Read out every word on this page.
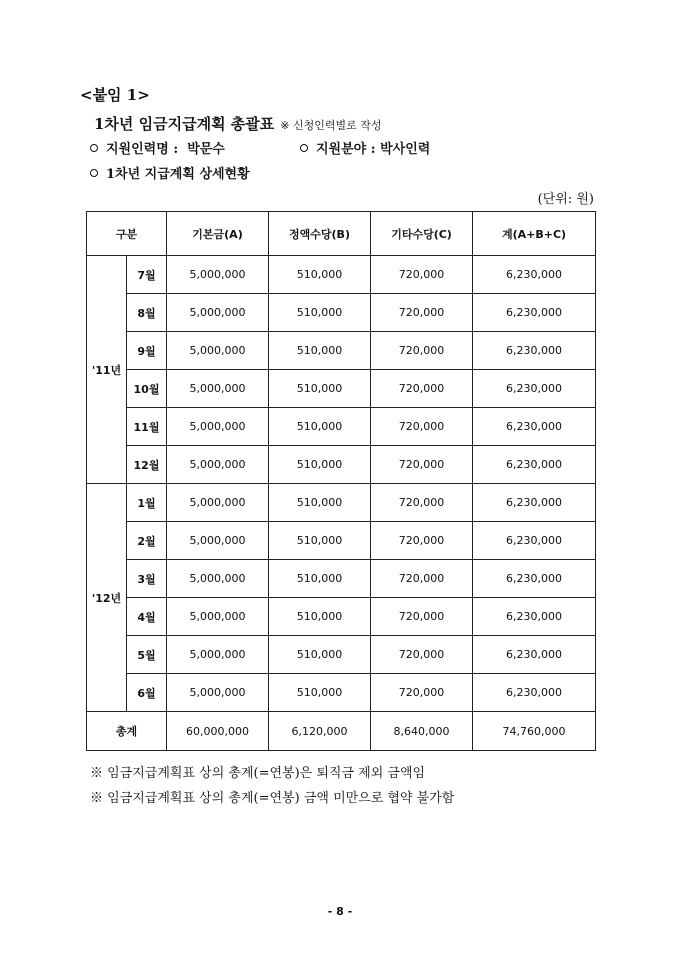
<붙임 1>
1차년 임금지급계획 총괄표 ※ 신청인력별로 작성
지원인력명 : 박문수	지원분야 : 박사인력
1차년 지급계획 상세현황
(단위: 원)
구분		기본금(A)	정액수당(B)	기타수당(C)	계(A+B+C)
'11년	7월	5,000,000	510,000	720,000	6,230,000
	8월	5,000,000	510,000	720,000	6,230,000
	9월	5,000,000	510,000	720,000	6,230,000
	10월	5,000,000	510,000	720,000	6,230,000
	11월	5,000,000	510,000	720,000	6,230,000
	12월	5,000,000	510,000	720,000	6,230,000
'12년	1월	5,000,000	510,000	720,000	6,230,000
	2월	5,000,000	510,000	720,000	6,230,000
	3월	5,000,000	510,000	720,000	6,230,000
	4월	5,000,000	510,000	720,000	6,230,000
	5월	5,000,000	510,000	720,000	6,230,000
	6월	5,000,000	510,000	720,000	6,230,000
총계		60,000,000	6,120,000	8,640,000	74,760,000
※ 임금지급계획표 상의 총계(=연봉)은 퇴직금 제외 금액임
※ 임금지급계획표 상의 총계(=연봉) 금액 미만으로 협약 불가함
- 8 -
